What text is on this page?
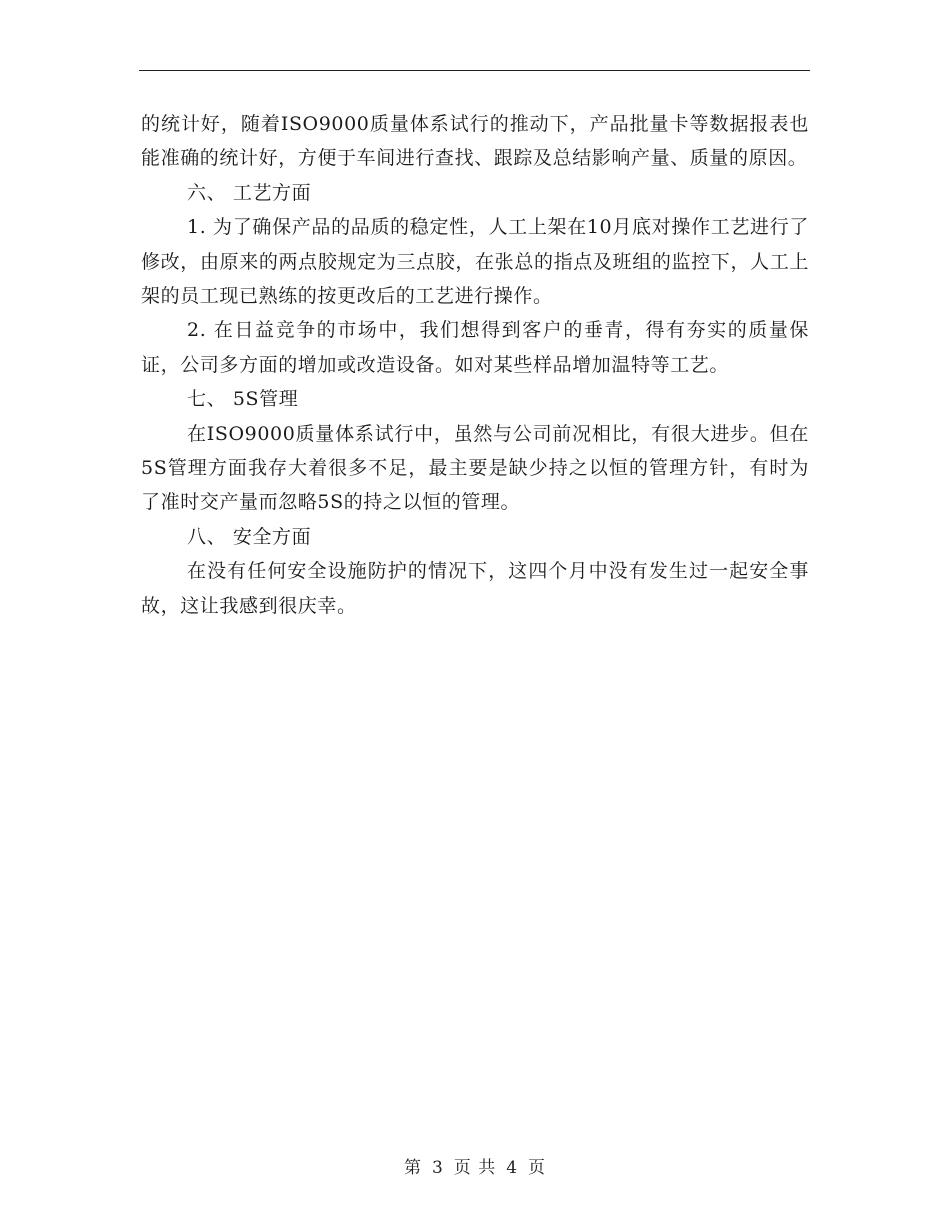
的统计好，随着ISO9000质量体系试行的推动下，产品批量卡等数据报表也能准确的统计好，方便于车间进行查找、跟踪及总结影响产量、质量的原因。

六、 工艺方面

1. 为了确保产品的品质的稳定性，人工上架在10月底对操作工艺进行了修改，由原来的两点胶规定为三点胶，在张总的指点及班组的监控下，人工上架的员工现已熟练的按更改后的工艺进行操作。

2. 在日益竞争的市场中，我们想得到客户的垂青，得有夯实的质量保证，公司多方面的增加或改造设备。如对某些样品增加温特等工艺。

七、 5S管理

在ISO9000质量体系试行中，虽然与公司前况相比，有很大进步。但在5S管理方面我存大着很多不足，最主要是缺少持之以恒的管理方针，有时为了准时交产量而忽略5S的持之以恒的管理。

八、 安全方面

在没有任何安全设施防护的情况下，这四个月中没有发生过一起安全事故，这让我感到很庆幸。

第 3 页 共 4 页
